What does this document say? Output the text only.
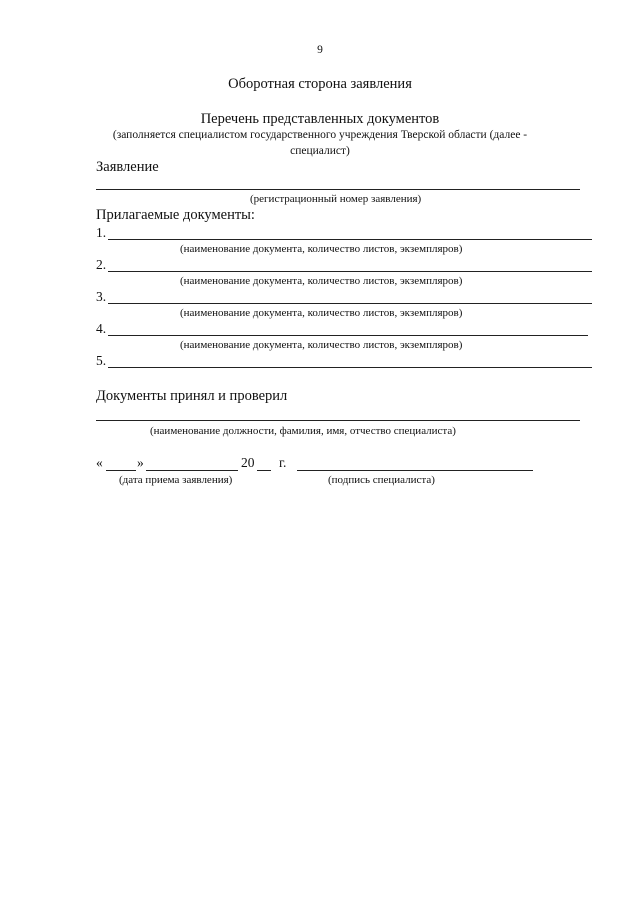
9
Оборотная сторона заявления
Перечень представленных документов
(заполняется специалистом государственного учреждения Тверской области (далее -
специалист)
Заявление
(регистрационный номер заявления)
Прилагаемые документы:
1.
(наименование документа, количество листов, экземпляров)
2.
(наименование документа, количество листов, экземпляров)
3.
(наименование документа, количество листов, экземпляров)
4.
(наименование документа, количество листов, экземпляров)
5.
Документы принял и проверил
(наименование должности, фамилия, имя, отчество специалиста)
«	»	20 г.
(дата приема заявления)	(подпись специалиста)
